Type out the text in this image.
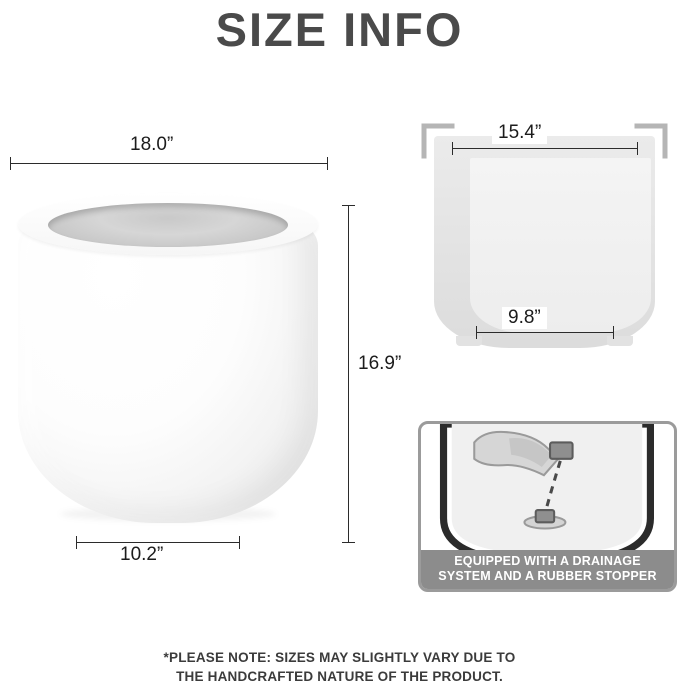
SIZE INFO
18.0”
10.2”
16.9”
15.4”
9.8”
EQUIPPED WITH A DRAINAGE
SYSTEM AND A RUBBER STOPPER
*PLEASE NOTE: SIZES MAY SLIGHTLY VARY DUE TO
THE HANDCRAFTED NATURE OF THE PRODUCT.
